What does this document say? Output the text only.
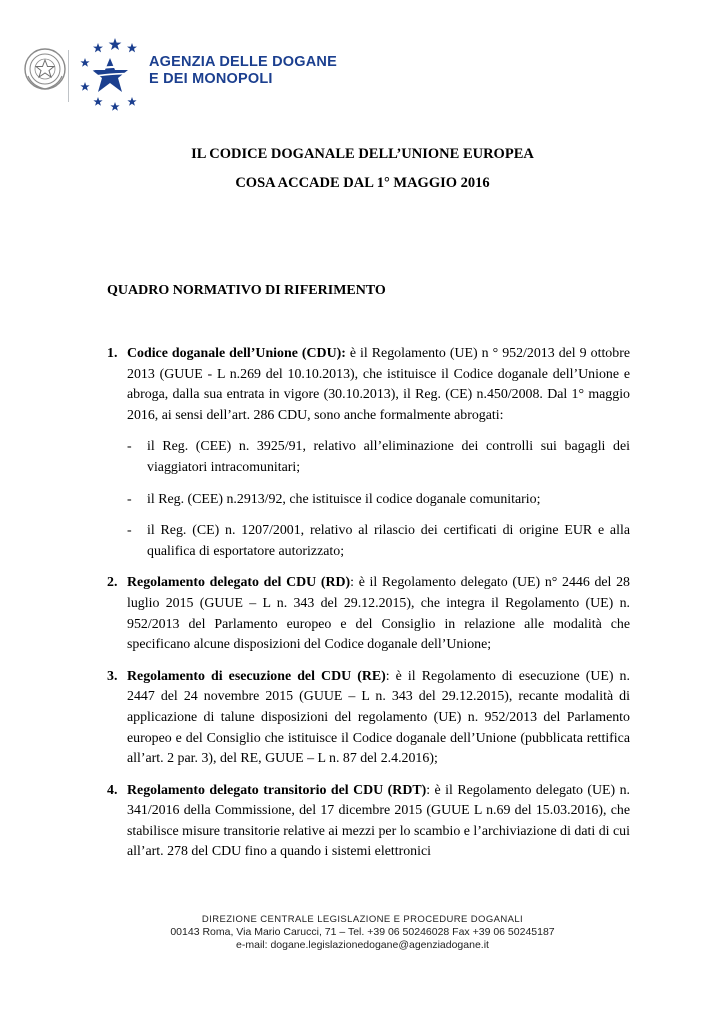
AGENZIA DELLE DOGANE
E DEI MONOPOLI
IL CODICE DOGANALE DELL’UNIONE EUROPEA
COSA ACCADE DAL 1° MAGGIO 2016
QUADRO NORMATIVO DI RIFERIMENTO
1. Codice doganale dell’Unione (CDU): è il Regolamento (UE) n ° 952/2013 del 9 ottobre 2013 (GUUE - L n.269 del 10.10.2013), che istituisce il Codice doganale dell’Unione e abroga, dalla sua entrata in vigore (30.10.2013), il Reg. (CE) n.450/2008. Dal 1° maggio 2016, ai sensi dell’art. 286 CDU, sono anche formalmente abrogati:

- il Reg. (CEE) n. 3925/91, relativo all’eliminazione dei controlli sui bagagli dei viaggiatori intracomunitari;
- il Reg. (CEE) n.2913/92, che istituisce il codice doganale comunitario;
- il Reg. (CE) n. 1207/2001, relativo al rilascio dei certificati di origine EUR e alla qualifica di esportatore autorizzato;
2. Regolamento delegato del CDU (RD): è il Regolamento delegato (UE) n° 2446 del 28 luglio 2015 (GUUE – L n. 343 del 29.12.2015), che integra il Regolamento (UE) n. 952/2013 del Parlamento europeo e del Consiglio in relazione alle modalità che specificano alcune disposizioni del Codice doganale dell’Unione;

3. Regolamento di esecuzione del CDU (RE): è il Regolamento di esecuzione (UE) n. 2447 del 24 novembre 2015 (GUUE – L n. 343 del 29.12.2015), recante modalità di applicazione di talune disposizioni del regolamento (UE) n. 952/2013 del Parlamento europeo e del Consiglio che istituisce il Codice doganale dell’Unione (pubblicata rettifica all’art. 2 par. 3), del RE, GUUE – L n. 87 del 2.4.2016);

4. Regolamento delegato transitorio del CDU (RDT): è il Regolamento delegato (UE) n. 341/2016 della Commissione, del 17 dicembre 2015 (GUUE L n.69 del 15.03.2016), che stabilisce misure transitorie relative ai mezzi per lo scambio e l’archiviazione di dati di cui all’art. 278 del CDU fino a quando i sistemi elettronici

DIREZIONE CENTRALE LEGISLAZIONE E PROCEDURE DOGANALI
00143 Roma, Via Mario Carucci, 71 – Tel. +39 06 50246028 Fax +39 06 50245187
e-mail: dogane.legislazionedogane@agenziadogane.it
